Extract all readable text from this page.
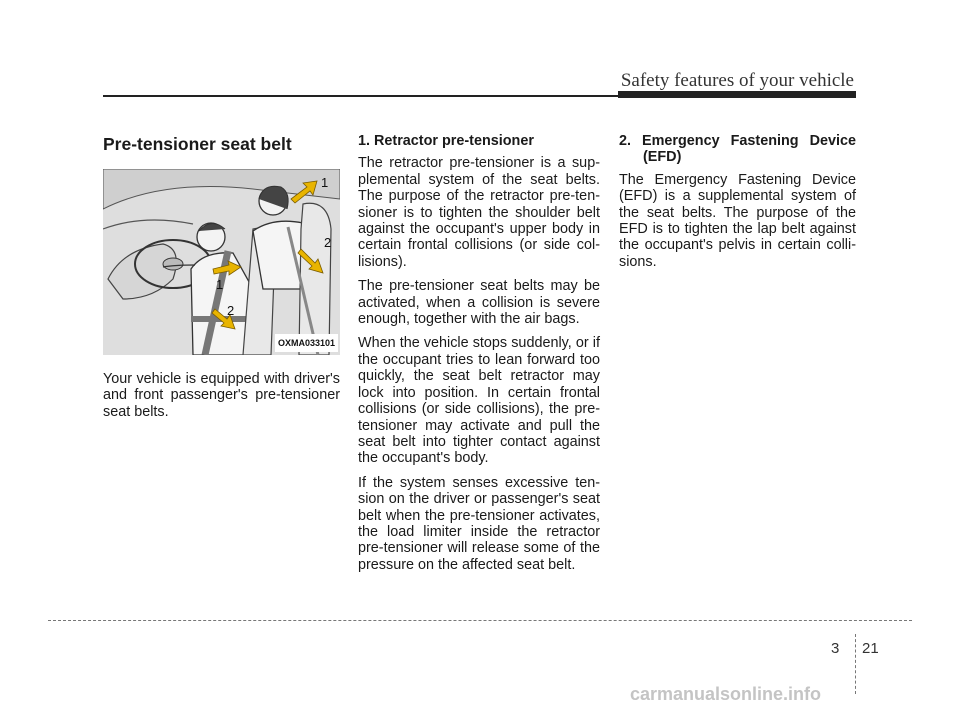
Safety features of your vehicle
Pre-tensioner seat belt
1
2
1
2
OXMA033101

Your vehicle is equipped with driver's and front passenger's pre-tensioner seat belts.

1. Retractor pre-tensioner

The retractor pre-tensioner is a sup-plemental system of the seat belts. The purpose of the retractor pre-ten-sioner is to tighten the shoulder belt against the occupant's upper body in certain frontal collisions (or side col-lisions).

The pre-tensioner seat belts may be activated, when a collision is severe enough, together with the air bags.

When the vehicle stops suddenly, or if the occupant tries to lean forward too quickly, the seat belt retractor may lock into position. In certain frontal collisions (or side collisions), the pre-tensioner may activate and pull the seat belt into tighter contact against the occupant's body.

If the system senses excessive ten-sion on the driver or passenger's seat belt when the pre-tensioner activates, the load limiter inside the retractor pre-tensioner will release some of the pressure on the affected seat belt.

2. Emergency Fastening Device (EFD)

The Emergency Fastening Device (EFD) is a supplemental system of the seat belts. The purpose of the EFD is to tighten the lap belt against the occupant's pelvis in certain colli-sions.

3 21
carmanualsonline.info
